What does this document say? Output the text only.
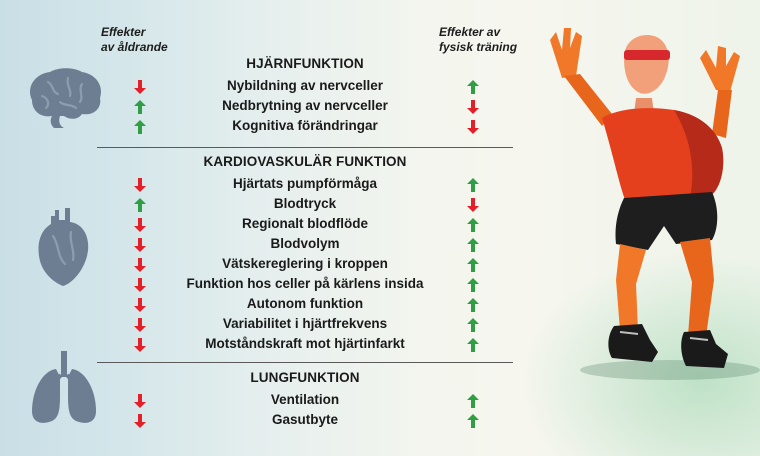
Effekter
av åldrande
Effekter av
fysisk träning
HJÄRNFUNKTION
Nybildning av nervceller
Nedbrytning av nervceller
Kognitiva förändringar
KARDIOVASKULÄR FUNKTION
Hjärtats pumpförmåga
Blodtryck
Regionalt blodflöde
Blodvolym
Vätskereglering i kroppen
Funktion hos celler på kärlens insida
Autonom funktion
Variabilitet i hjärtfrekvens
Motståndskraft mot hjärtinfarkt
LUNGFUNKTION
Ventilation
Gasutbyte
